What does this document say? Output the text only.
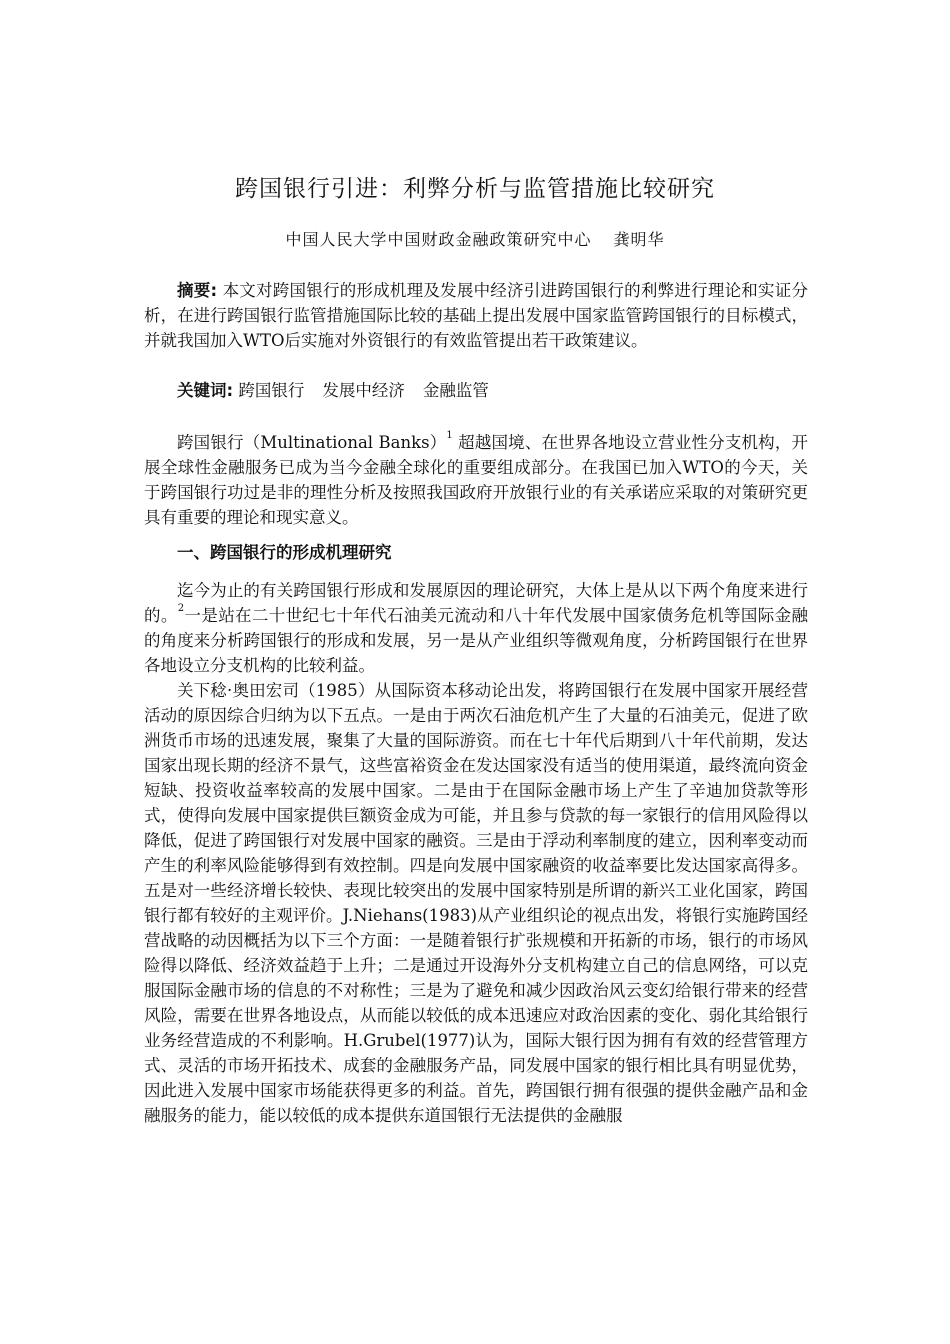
跨国银行引进：利弊分析与监管措施比较研究
中国人民大学中国财政金融政策研究中心 龚明华

摘要: 本文对跨国银行的形成机理及发展中经济引进跨国银行的利弊进行理论和实证分析，在进行跨国银行监管措施国际比较的基础上提出发展中国家监管跨国银行的目标模式，并就我国加入WTO后实施对外资银行的有效监管提出若干政策建议。

关键词: 跨国银行 发展中经济 金融监管

跨国银行（Multinational Banks）$^1$ 超越国境、在世界各地设立营业性分支机构，开展全球性金融服务已成为当今金融全球化的重要组成部分。在我国已加入WTO的今天，关于跨国银行功过是非的理性分析及按照我国政府开放银行业的有关承诺应采取的对策研究更具有重要的理论和现实意义。

一、跨国银行的形成机理研究

迄今为止的有关跨国银行形成和发展原因的理论研究，大体上是从以下两个角度来进行的。$^2$一是站在二十世纪七十年代石油美元流动和八十年代发展中国家债务危机等国际金融的角度来分析跨国银行的形成和发展，另一是从产业组织等微观角度，分析跨国银行在世界各地设立分支机构的比较利益。

关下稔·奥田宏司（1985）从国际资本移动论出发，将跨国银行在发展中国家开展经营活动的原因综合归纳为以下五点。一是由于两次石油危机产生了大量的石油美元，促进了欧洲货币市场的迅速发展，聚集了大量的国际游资。而在七十年代后期到八十年代前期，发达国家出现长期的经济不景气，这些富裕资金在发达国家没有适当的使用渠道，最终流向资金短缺、投资收益率较高的发展中国家。二是由于在国际金融市场上产生了辛迪加贷款等形式，使得向发展中国家提供巨额资金成为可能，并且参与贷款的每一家银行的信用风险得以降低，促进了跨国银行对发展中国家的融资。三是由于浮动利率制度的建立，因利率变动而产生的利率风险能够得到有效控制。四是向发展中国家融资的收益率要比发达国家高得多。五是对一些经济增长较快、表现比较突出的发展中国家特别是所谓的新兴工业化国家，跨国银行都有较好的主观评价。J.Niehans(1983)从产业组织论的视点出发，将银行实施跨国经营战略的动因概括为以下三个方面：一是随着银行扩张规模和开拓新的市场，银行的市场风险得以降低、经济效益趋于上升；二是通过开设海外分支机构建立自己的信息网络，可以克服国际金融市场的信息的不对称性；三是为了避免和减少因政治风云变幻给银行带来的经营风险，需要在世界各地设点，从而能以较低的成本迅速应对政治因素的变化、弱化其给银行业务经营造成的不利影响。H.Grubel(1977)认为，国际大银行因为拥有有效的经营管理方式、灵活的市场开拓技术、成套的金融服务产品，同发展中国家的银行相比具有明显优势，因此进入发展中国家市场能获得更多的利益。首先，跨国银行拥有很强的提供金融产品和金融服务的能力，能以较低的成本提供东道国银行无法提供的金融服
